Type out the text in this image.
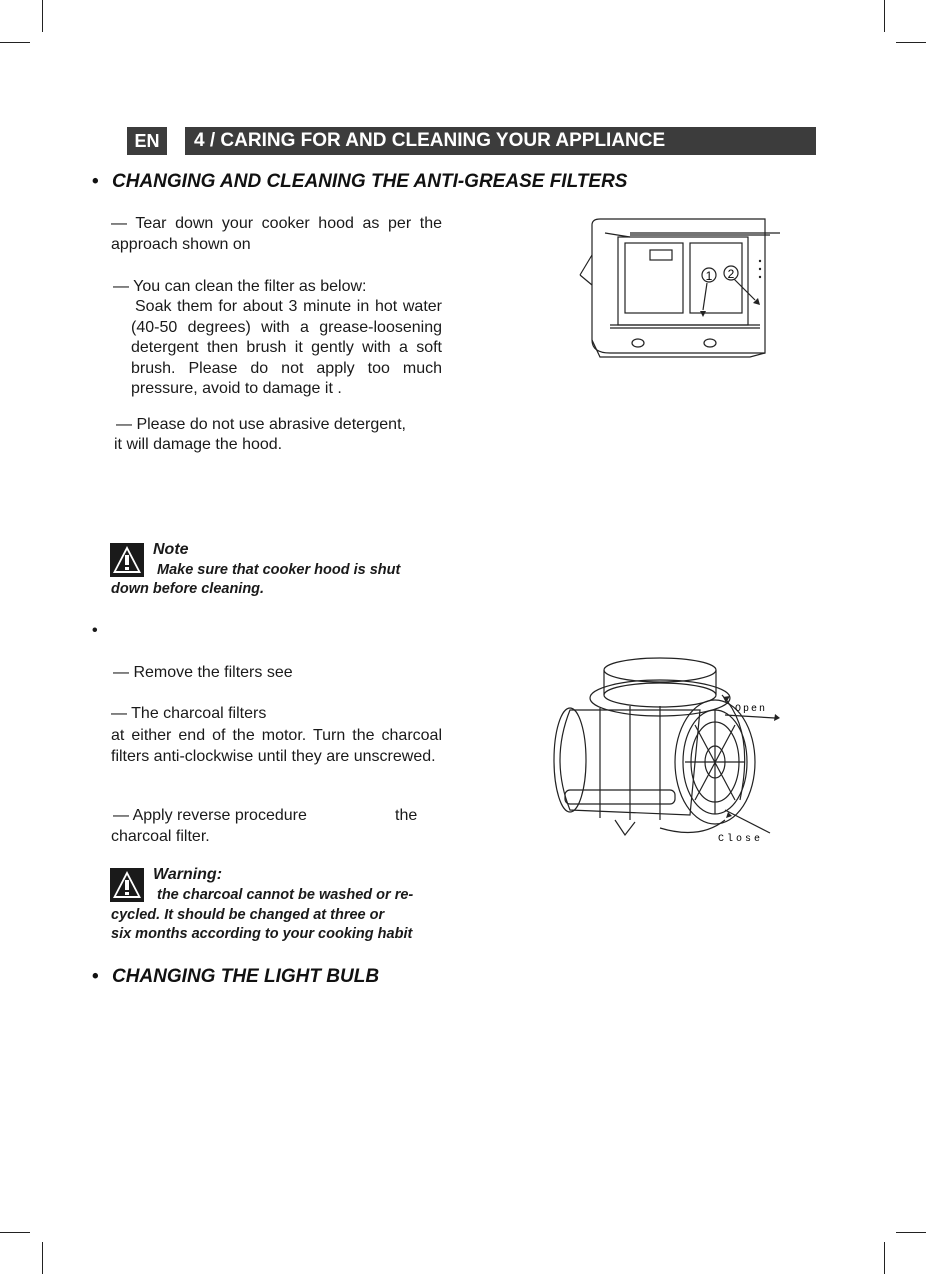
EN	4 / CARING FOR AND CLEANING YOUR APPLIANCE
• CHANGING AND CLEANING THE ANTI-GREASE FILTERS
— Tear down your cooker hood as per the approach shown on
— You can clean the filter as below:
Soak them for about 3 minute in hot water (40-50 degrees) with a grease-loosening detergent then brush it gently with a soft brush. Please do not apply too much pressure, avoid to damage it .
— Please do not use abrasive detergent,
it will damage the hood.
Note
Make sure that cooker hood is shut
down before cleaning.
1 2
•
— Remove the filters see
— The charcoal filters
at either end of the motor. Turn the charcoal filters anti-clockwise until they are unscrewed.
— Apply reverse procedure	the
charcoal filter.
Warning:
the charcoal cannot be washed or re-
cycled. It should be changed at three or
six months according to your cooking habit
Open
Close
• CHANGING THE LIGHT BULB
